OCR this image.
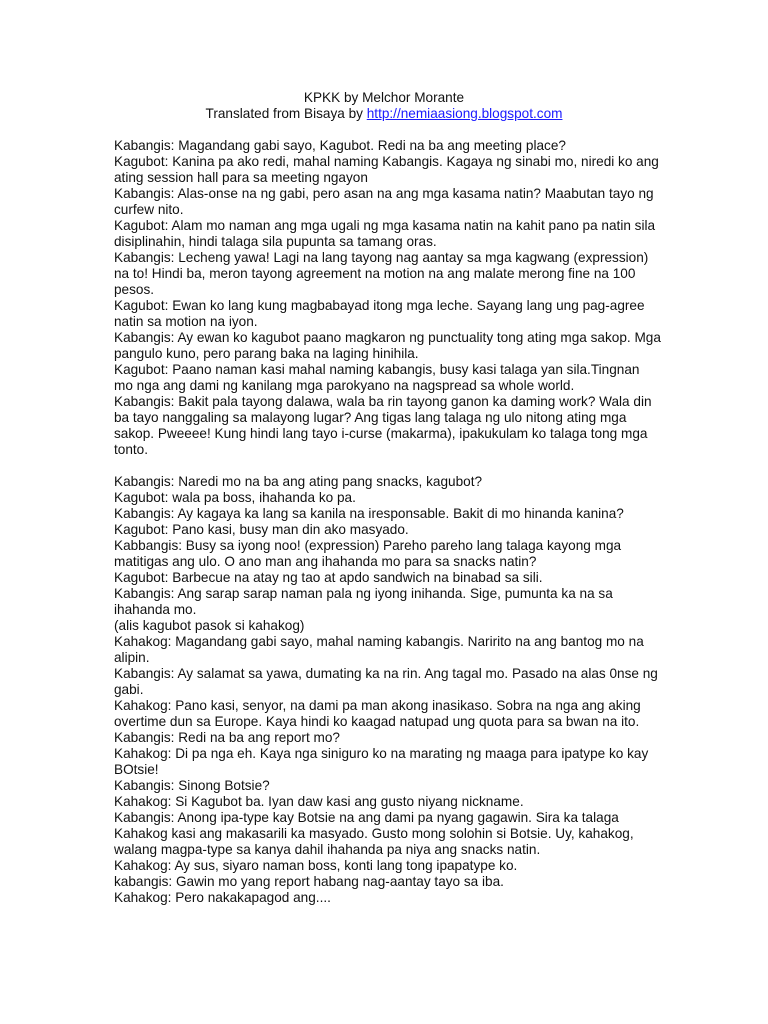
KPKK by Melchor Morante
Translated from Bisaya by http://nemiaasiong.blogspot.com

Kabangis: Magandang gabi sayo, Kagubot. Redi na ba ang meeting place?

Kagubot: Kanina pa ako redi, mahal naming Kabangis. Kagaya ng sinabi mo, niredi ko ang ating session hall para sa meeting ngayon

Kabangis: Alas-onse na ng gabi, pero asan na ang mga kasama natin? Maabutan tayo ng curfew nito.

Kagubot: Alam mo naman ang mga ugali ng mga kasama natin na kahit pano pa natin sila disiplinahin, hindi talaga sila pupunta sa tamang oras.

Kabangis: Lecheng yawa! Lagi na lang tayong nag aantay sa mga kagwang (expression) na to! Hindi ba, meron tayong agreement na motion na ang malate merong fine na 100 pesos.

Kagubot: Ewan ko lang kung magbabayad itong mga leche. Sayang lang ung pag-agree natin sa motion na iyon.

Kabangis: Ay ewan ko kagubot paano magkaron ng punctuality tong ating mga sakop. Mga pangulo kuno, pero parang baka na laging hinihila.

Kagubot: Paano naman kasi mahal naming kabangis, busy kasi talaga yan sila.Tingnan mo nga ang dami ng kanilang mga parokyano na nagspread sa whole world.

Kabangis: Bakit pala tayong dalawa, wala ba rin tayong ganon ka daming work? Wala din ba tayo nanggaling sa malayong lugar? Ang tigas lang talaga ng ulo nitong ating mga sakop. Pweeee! Kung hindi lang tayo i-curse (makarma), ipakukulam ko talaga tong mga tonto.

Kabangis: Naredi mo na ba ang ating pang snacks, kagubot?

Kagubot: wala pa boss, ihahanda ko pa.

Kabangis: Ay kagaya ka lang sa kanila na iresponsable. Bakit di mo hinanda kanina?

Kagubot: Pano kasi, busy man din ako masyado.

Kabbangis: Busy sa iyong noo! (expression) Pareho pareho lang talaga kayong mga matitigas ang ulo. O ano man ang ihahanda mo para sa snacks natin?

Kagubot: Barbecue na atay ng tao at apdo sandwich na binabad sa sili.

Kabangis: Ang sarap sarap naman pala ng iyong inihanda. Sige, pumunta ka na sa ihahanda mo.

(alis kagubot pasok si kahakog)

Kahakog: Magandang gabi sayo, mahal naming kabangis. Naririto na ang bantog mo na alipin.

Kabangis: Ay salamat sa yawa, dumating ka na rin. Ang tagal mo. Pasado na alas 0nse ng gabi.

Kahakog: Pano kasi, senyor, na dami pa man akong inasikaso. Sobra na nga ang aking overtime dun sa Europe. Kaya hindi ko kaagad natupad ung quota para sa bwan na ito.

Kabangis: Redi na ba ang report mo?

Kahakog: Di pa nga eh. Kaya nga siniguro ko na marating ng maaga para ipatype ko kay BOtsie!

Kabangis: Sinong Botsie?

Kahakog: Si Kagubot ba. Iyan daw kasi ang gusto niyang nickname.

Kabangis: Anong ipa-type kay Botsie na ang dami pa nyang gagawin. Sira ka talaga Kahakog kasi ang makasarili ka masyado. Gusto mong solohin si Botsie. Uy, kahakog, walang magpa-type sa kanya dahil ihahanda pa niya ang snacks natin.

Kahakog: Ay sus, siyaro naman boss, konti lang tong ipapatype ko.

kabangis: Gawin mo yang report habang nag-aantay tayo sa iba.

Kahakog: Pero nakakapagod ang....
